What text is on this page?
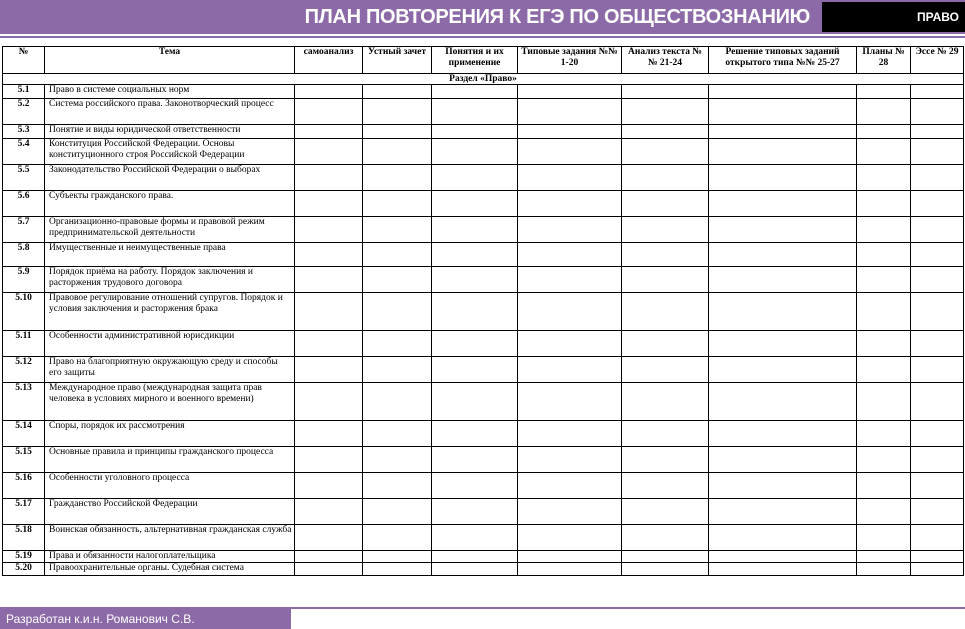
ПЛАН ПОВТОРЕНИЯ К ЕГЭ ПО ОБЩЕСТВОЗНАНИЮ	ПРАВО
№	Тема	самоанализ	Устный зачет	Понятия и их применение	Типовые задания №№ 1-20	Анализ текста №№ 21-24	Решение типовых заданий открытого типа №№ 25-27	Планы № 28	Эссе № 29
Раздел «Право»									
5.1	Право в системе социальных норм								
5.2	Система российского права. Законотворческий процесс								
5.3	Понятие и виды юридической ответственности								
5.4	Конституция Российской Федерации. Основы конституционного строя Российской Федерации								
5.5	Законодательство Российской Федерации о выборах								
5.6	Субъекты гражданского права.								
5.7	Организационно-правовые формы и правовой режим предпринимательской деятельности								
5.8	Имущественные и неимущественные права								
5.9	Порядок приёма на работу. Порядок заключения и расторжения трудового договора								
5.10	Правовое регулирование отношений супругов. Порядок и условия заключения и расторжения брака								
5.11	Особенности административной юрисдикции								
5.12	Право на благоприятную окружающую среду и способы его защиты								
5.13	Международное право (международная защита прав человека в условиях мирного и военного времени)								
5.14	Споры, порядок их рассмотрения								
5.15	Основные правила и принципы гражданского процесса								
5.16	Особенности уголовного процесса								
5.17	Гражданство Российской Федерации								
5.18	Воинская обязанность, альтернативная гражданская служба								
5.19	Права и обязанности налогоплательщика								
5.20	Правоохранительные органы. Судебная система								
Разработан к.и.н. Романович С.В.
